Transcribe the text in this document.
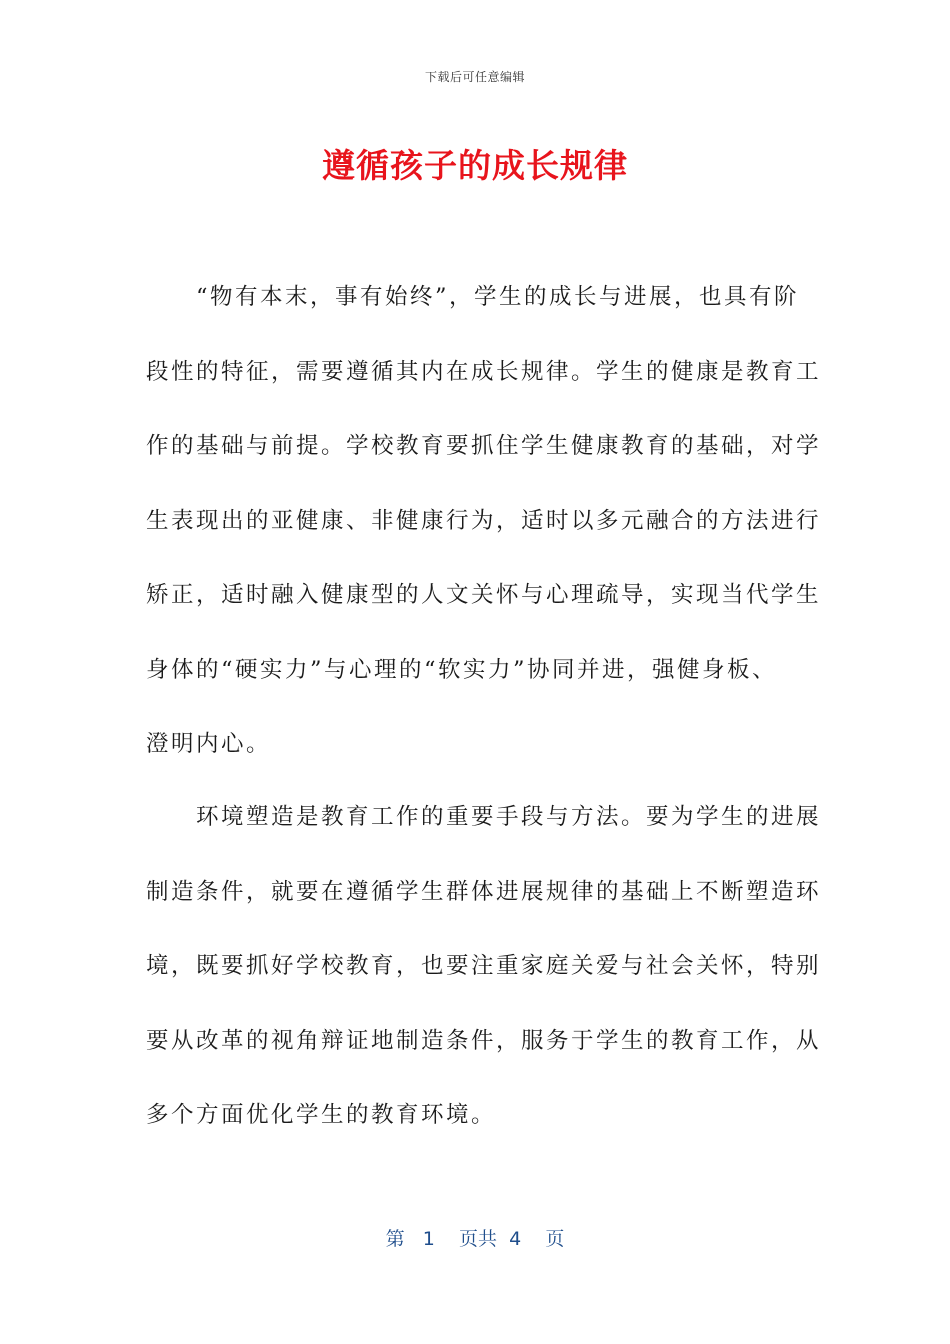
下载后可任意编辑
遵循孩子的成长规律
　　“物有本末，事有始终”，学生的成长与进展，也具有阶
段性的特征，需要遵循其内在成长规律。学生的健康是教育工
作的基础与前提。学校教育要抓住学生健康教育的基础，对学
生表现出的亚健康、非健康行为，适时以多元融合的方法进行
矫正，适时融入健康型的人文关怀与心理疏导，实现当代学生
身体的“硬实力”与心理的“软实力”协同并进，强健身板、
澄明内心。
　　环境塑造是教育工作的重要手段与方法。要为学生的进展
制造条件，就要在遵循学生群体进展规律的基础上不断塑造环
境，既要抓好学校教育，也要注重家庭关爱与社会关怀，特别
要从改革的视角辩证地制造条件，服务于学生的教育工作，从
多个方面优化学生的教育环境。
第 1 页共 4 页
